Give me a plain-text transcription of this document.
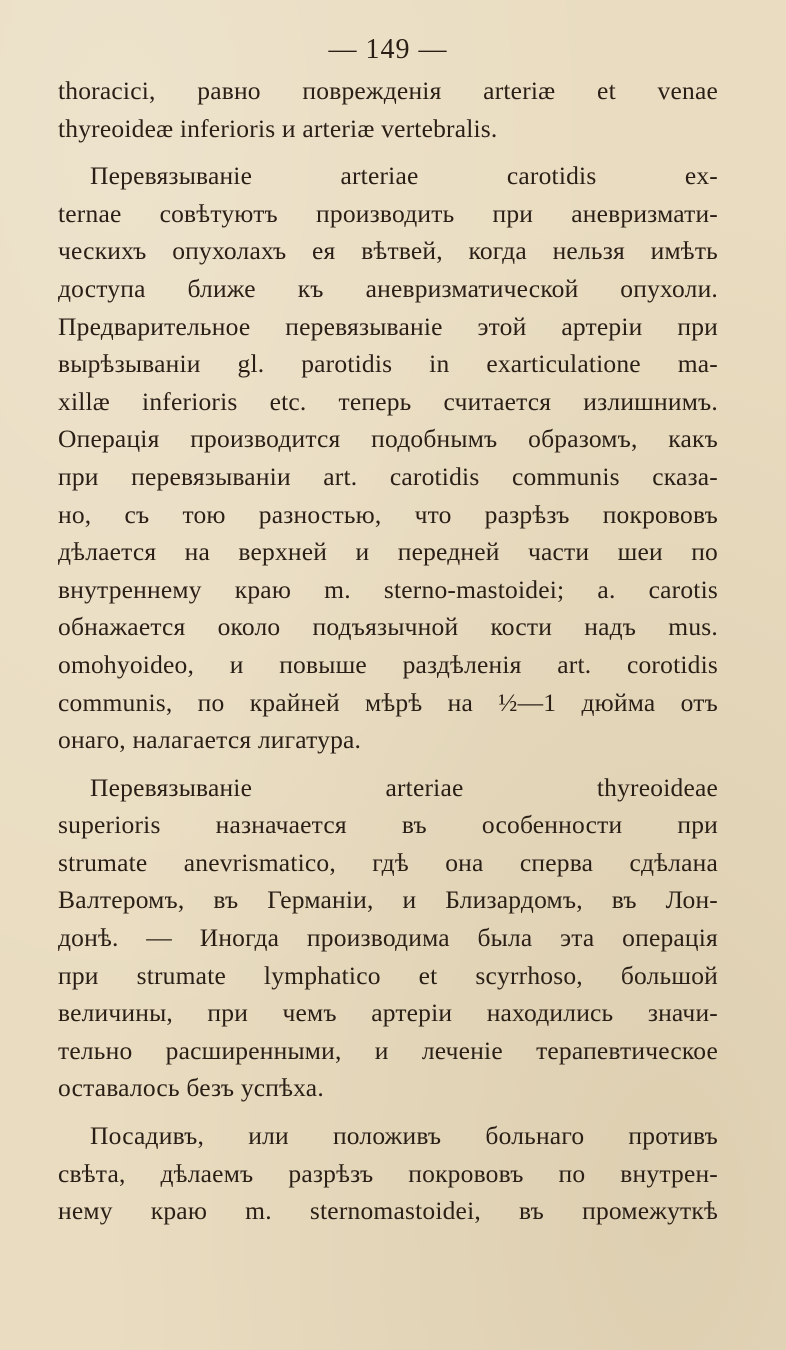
— 149 —
thoracici, равно поврежденія arteriæ et venae
thyreoideæ inferioris и arteriæ vertebralis.
Перевязываніе arteriae carotidis ex-
ternae совѣтуютъ производить при аневризмати-
ческихъ опухолахъ ея вѣтвей, когда нельзя имѣть
доступа ближе къ аневризматической опухоли.
Предварительное перевязываніе этой артеріи при
вырѣзываніи gl. parotidis in exarticulatione ma-
xillæ inferioris etc. теперь считается излишнимъ.
Операція производится подобнымъ образомъ, какъ
при перевязываніи art. carotidis communis сказа-
но, съ тою разностью, что разрѣзъ покрововъ
дѣлается на верхней и передней части шеи по
внутреннему краю m. sterno-mastoidei; a. carotis
обнажается около подъязычной кости надъ mus.
omohyoideo, и повыше раздѣленія art. corotidis
communis, по крайней мѣрѣ на ½—1 дюйма отъ
онаго, налагается лигатура.
Перевязываніе arteriae thyreoideae
superioris назначается въ особенности при
strumate anevrismatico, гдѣ она сперва сдѣлана
Валтеромъ, въ Германіи, и Близардомъ, въ Лон-
донѣ. — Иногда производима была эта операція
при strumate lymphatico et scyrrhoso, большой
величины, при чемъ артеріи находились значи-
тельно расширенными, и леченіе терапевтическое
оставалось безъ успѣха.
Посадивъ, или положивъ больнаго противъ
свѣта, дѣлаемъ разрѣзъ покрововъ по внутрен-
нему краю m. sternomastoidei, въ промежуткѣ
